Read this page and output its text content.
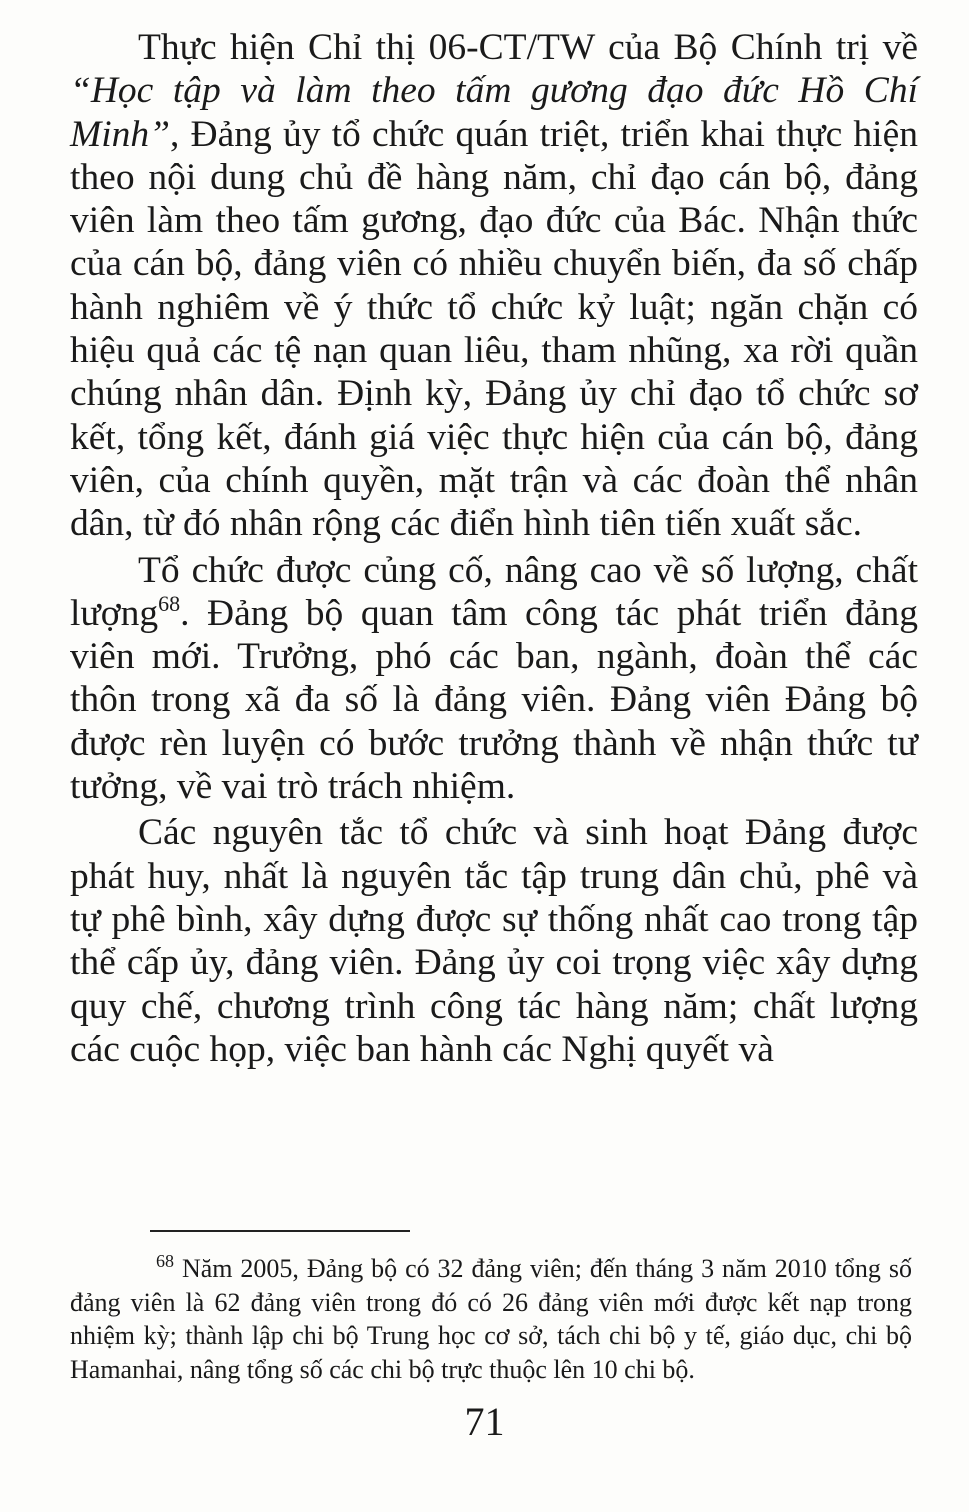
Thực hiện Chỉ thị 06-CT/TW của Bộ Chính trị về “Học tập và làm theo tấm gương đạo đức Hồ Chí Minh”, Đảng ủy tổ chức quán triệt, triển khai thực hiện theo nội dung chủ đề hàng năm, chỉ đạo cán bộ, đảng viên làm theo tấm gương, đạo đức của Bác. Nhận thức của cán bộ, đảng viên có nhiều chuyển biến, đa số chấp hành nghiêm về ý thức tổ chức kỷ luật; ngăn chặn có hiệu quả các tệ nạn quan liêu, tham nhũng, xa rời quần chúng nhân dân. Định kỳ, Đảng ủy chỉ đạo tổ chức sơ kết, tổng kết, đánh giá việc thực hiện của cán bộ, đảng viên, của chính quyền, mặt trận và các đoàn thể nhân dân, từ đó nhân rộng các điển hình tiên tiến xuất sắc.

Tổ chức được củng cố, nâng cao về số lượng, chất lượng$^{68}$. Đảng bộ quan tâm công tác phát triển đảng viên mới. Trưởng, phó các ban, ngành, đoàn thể các thôn trong xã đa số là đảng viên. Đảng viên Đảng bộ được rèn luyện có bước trưởng thành về nhận thức tư tưởng, về vai trò trách nhiệm.

Các nguyên tắc tổ chức và sinh hoạt Đảng được phát huy, nhất là nguyên tắc tập trung dân chủ, phê và tự phê bình, xây dựng được sự thống nhất cao trong tập thể cấp ủy, đảng viên. Đảng ủy coi trọng việc xây dựng quy chế, chương trình công tác hàng năm; chất lượng các cuộc họp, việc ban hành các Nghị quyết và

$^{68}$ Năm 2005, Đảng bộ có 32 đảng viên; đến tháng 3 năm 2010 tổng số đảng viên là 62 đảng viên trong đó có 26 đảng viên mới được kết nạp trong nhiệm kỳ; thành lập chi bộ Trung học cơ sở, tách chi bộ y tế, giáo dục, chi bộ Hamanhai, nâng tổng số các chi bộ trực thuộc lên 10 chi bộ.

71
